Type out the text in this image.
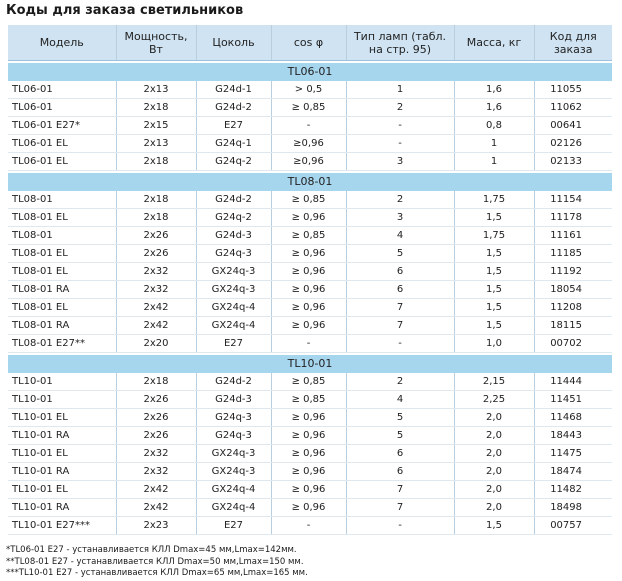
Коды для заказа светильников
Модель	Мощность, Вт	Цоколь	cos φ	Тип ламп (табл. на стр. 95)	Масса, кг	Код для заказа

TL06-01						
TL06-01	2x13	G24d-1	> 0,5	1	1,6	11055
TL06-01	2x18	G24d-2	≥ 0,85	2	1,6	11062
TL06-01 E27*	2x15	E27	-	-	0,8	00641
TL06-01 EL	2x13	G24q-1	≥0,96	-	1	02126
TL06-01 EL	2x18	G24q-2	≥0,96	3	1	02133

TL08-01						
TL08-01	2x18	G24d-2	≥ 0,85	2	1,75	11154
TL08-01 EL	2x18	G24q-2	≥ 0,96	3	1,5	11178
TL08-01	2x26	G24d-3	≥ 0,85	4	1,75	11161
TL08-01 EL	2x26	G24q-3	≥ 0,96	5	1,5	11185
TL08-01 EL	2x32	GX24q-3	≥ 0,96	6	1,5	11192
TL08-01 RA	2x32	GX24q-3	≥ 0,96	6	1,5	18054
TL08-01 EL	2x42	GX24q-4	≥ 0,96	7	1,5	11208
TL08-01 RA	2x42	GX24q-4	≥ 0,96	7	1,5	18115
TL08-01 E27**	2x20	E27	-	-	1,0	00702

TL10-01						
TL10-01	2x18	G24d-2	≥ 0,85	2	2,15	11444
TL10-01	2x26	G24d-3	≥ 0,85	4	2,25	11451
TL10-01 EL	2x26	G24q-3	≥ 0,96	5	2,0	11468
TL10-01 RA	2x26	G24q-3	≥ 0,96	5	2,0	18443
TL10-01 EL	2x32	GX24q-3	≥ 0,96	6	2,0	11475
TL10-01 RA	2x32	GX24q-3	≥ 0,96	6	2,0	18474
TL10-01 EL	2x42	GX24q-4	≥ 0,96	7	2,0	11482
TL10-01 RA	2x42	GX24q-4	≥ 0,96	7	2,0	18498
TL10-01 E27***	2x23	E27	-	-	1,5	00757
*TL06-01 E27 - устанавливается КЛЛ Dmax=45 мм,Lmax=142мм.
**TL08-01 E27 - устанавливается КЛЛ Dmax=50 мм,Lmax=150 мм.
***TL10-01 E27 - устанавливается КЛЛ Dmax=65 мм,Lmax=165 мм.
